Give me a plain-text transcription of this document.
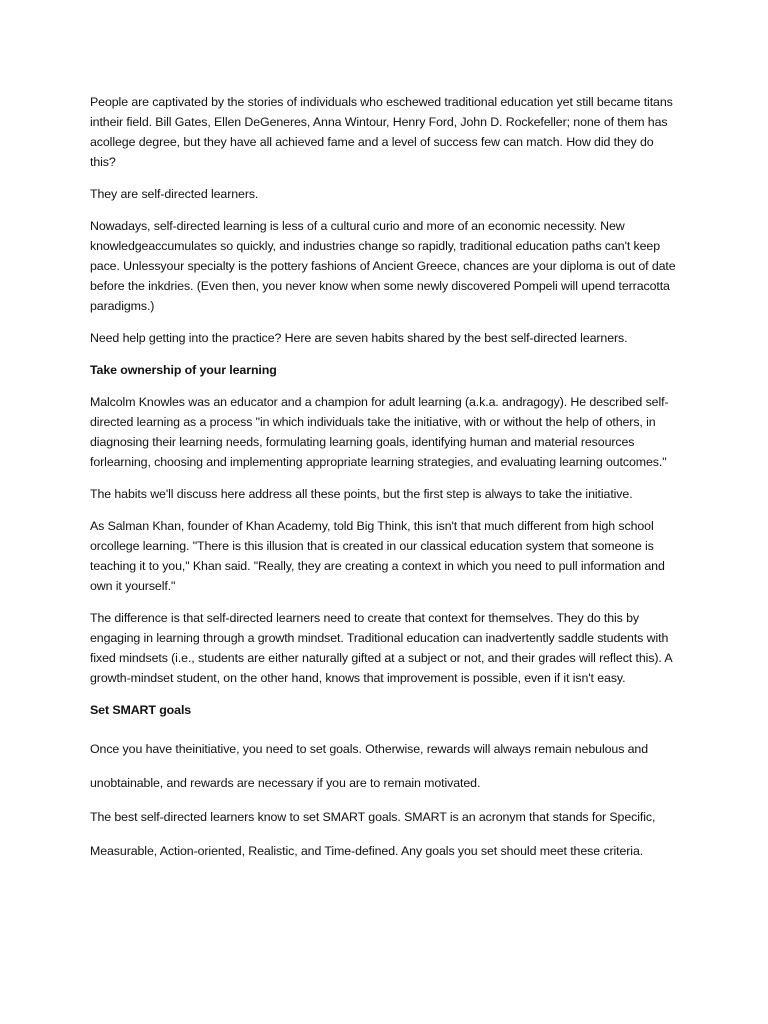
People are captivated by the stories of individuals who eschewed traditional education yet still became titans intheir field. Bill Gates, Ellen DeGeneres, Anna Wintour, Henry Ford, John D. Rockefeller; none of them has acollege degree, but they have all achieved fame and a level of success few can match. How did they do this?

They are self-directed learners.

Nowadays, self-directed learning is less of a cultural curio and more of an economic necessity. New knowledgeaccumulates so quickly, and industries change so rapidly, traditional education paths can't keep pace. Unlessyour specialty is the pottery fashions of Ancient Greece, chances are your diploma is out of date before the inkdries. (Even then, you never know when some newly discovered Pompeli will upend terracotta paradigms.)

Need help getting into the practice? Here are seven habits shared by the best self-directed learners.

Take ownership of your learning

Malcolm Knowles was an educator and a champion for adult learning (a.k.a. andragogy). He described self-directed learning as a process "in which individuals take the initiative, with or without the help of others, in diagnosing their learning needs, formulating learning goals, identifying human and material resources forlearning, choosing and implementing appropriate learning strategies, and evaluating learning outcomes."

The habits we'll discuss here address all these points, but the first step is always to take the initiative.

As Salman Khan, founder of Khan Academy, told Big Think, this isn't that much different from high school orcollege learning. "There is this illusion that is created in our classical education system that someone is teaching it to you," Khan said. "Really, they are creating a context in which you need to pull information and own it yourself."

The difference is that self-directed learners need to create that context for themselves. They do this by engaging in learning through a growth mindset. Traditional education can inadvertently saddle students with fixed mindsets (i.e., students are either naturally gifted at a subject or not, and their grades will reflect this). A growth-mindset student, on the other hand, knows that improvement is possible, even if it isn't easy.

Set SMART goals

Once you have theinitiative, you need to set goals. Otherwise, rewards will always remain nebulous and unobtainable, and rewards are necessary if you are to remain motivated.

The best self-directed learners know to set SMART goals. SMART is an acronym that stands for Specific, Measurable, Action-oriented, Realistic, and Time-defined. Any goals you set should meet these criteria.
